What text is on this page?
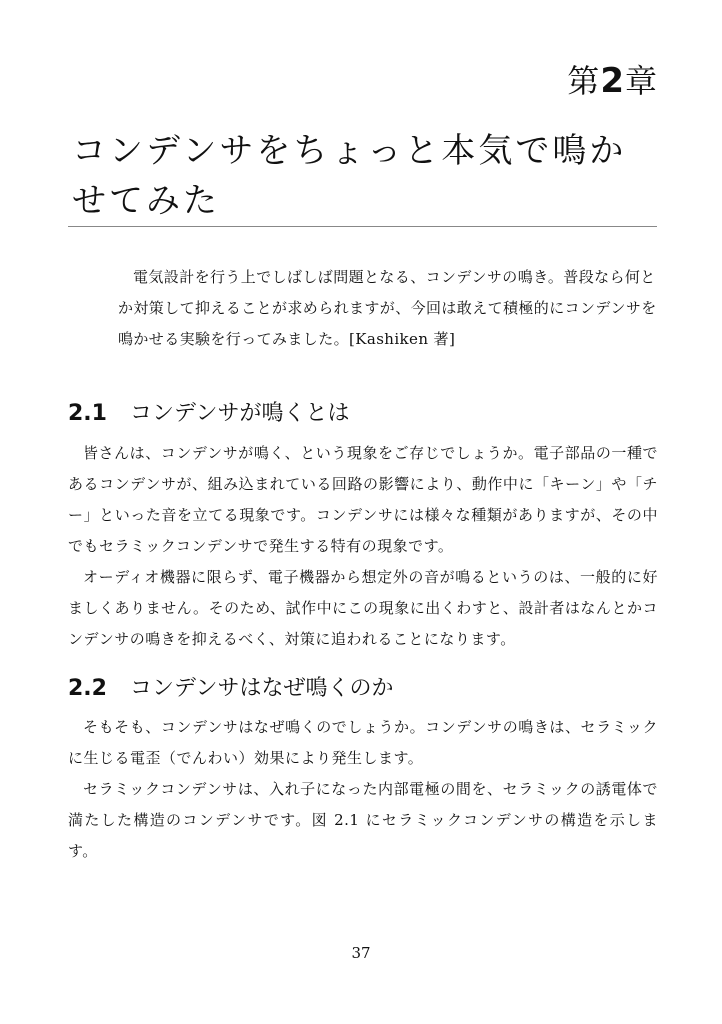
第2章
コンデンサをちょっと本気で鳴かせてみた

電気設計を行う上でしばしば問題となる、コンデンサの鳴き。普段なら何とか対策して抑えることが求められますが、今回は敢えて積極的にコンデンサを鳴かせる実験を行ってみました。[Kashiken 著]

2.1 コンデンサが鳴くとは

皆さんは、コンデンサが鳴く、という現象をご存じでしょうか。電子部品の一種であるコンデンサが、組み込まれている回路の影響により、動作中に「キーン」や「チー」といった音を立てる現象です。コンデンサには様々な種類がありますが、その中でもセラミックコンデンサで発生する特有の現象です。

オーディオ機器に限らず、電子機器から想定外の音が鳴るというのは、一般的に好ましくありません。そのため、試作中にこの現象に出くわすと、設計者はなんとかコンデンサの鳴きを抑えるべく、対策に追われることになります。

2.2 コンデンサはなぜ鳴くのか

そもそも、コンデンサはなぜ鳴くのでしょうか。コンデンサの鳴きは、セラミックに生じる電歪（でんわい）効果により発生します。

セラミックコンデンサは、入れ子になった内部電極の間を、セラミックの誘電体で満たした構造のコンデンサです。図 2.1 にセラミックコンデンサの構造を示します。

37
